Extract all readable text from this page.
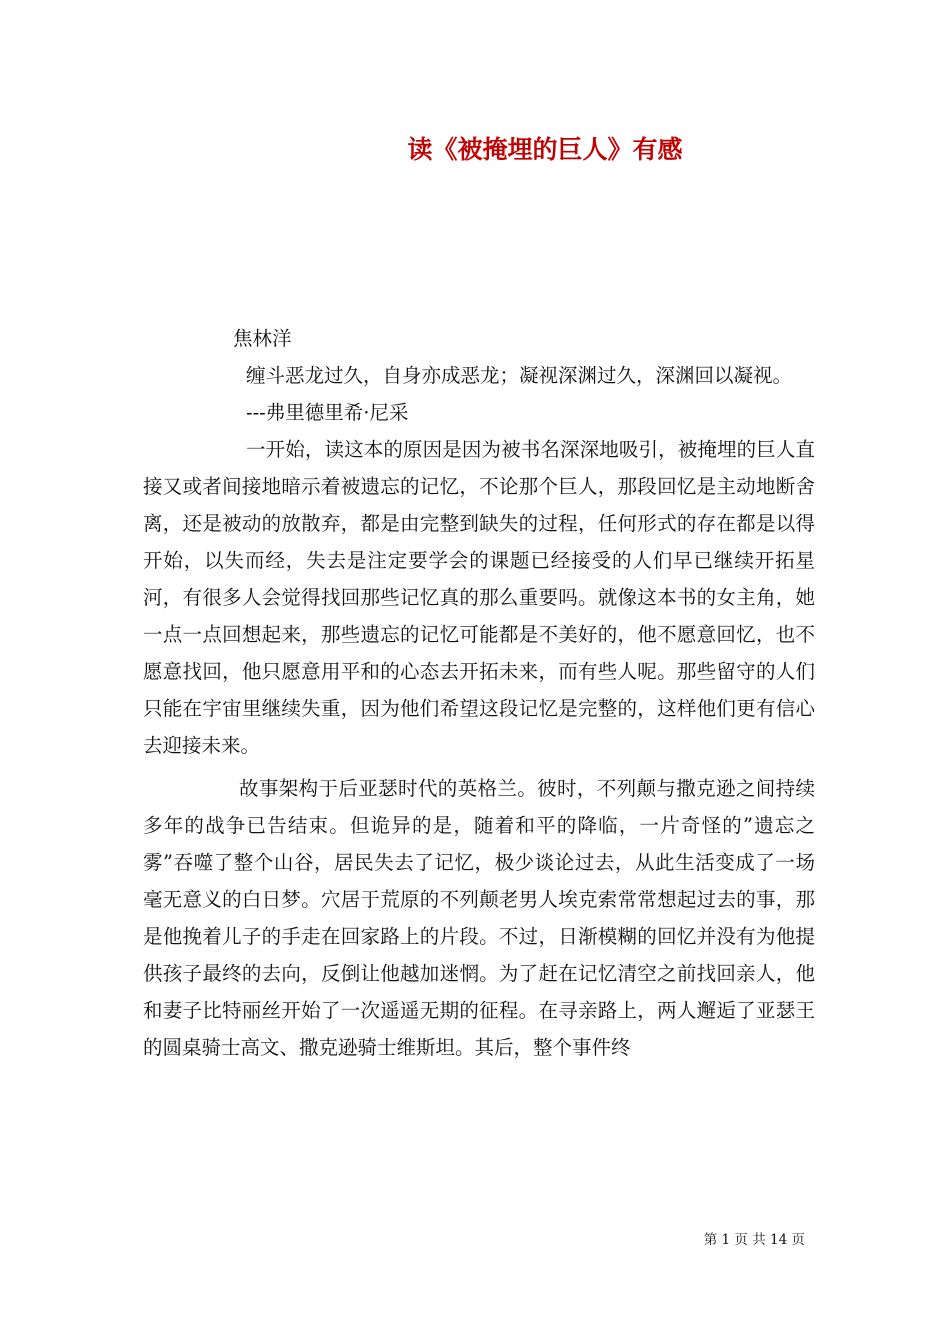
读《被掩埋的巨人》有感

焦林洋

缠斗恶龙过久，自身亦成恶龙；凝视深渊过久，深渊回以凝视。

---弗里德里希·尼采

一开始，读这本的原因是因为被书名深深地吸引，被掩埋的巨人直接又或者间接地暗示着被遗忘的记忆，不论那个巨人，那段回忆是主动地断舍离，还是被动的放散弃，都是由完整到缺失的过程，任何形式的存在都是以得开始，以失而经，失去是注定要学会的课题已经接受的人们早已继续开拓星河，有很多人会觉得找回那些记忆真的那么重要吗。就像这本书的女主角，她一点一点回想起来，那些遗忘的记忆可能都是不美好的，他不愿意回忆，也不愿意找回，他只愿意用平和的心态去开拓未来，而有些人呢。那些留守的人们只能在宇宙里继续失重，因为他们希望这段记忆是完整的，这样他们更有信心去迎接未来。

故事架构于后亚瑟时代的英格兰。彼时，不列颠与撒克逊之间持续多年的战争已告结束。但诡异的是，随着和平的降临，一片奇怪的”遗忘之雾”吞噬了整个山谷，居民失去了记忆，极少谈论过去，从此生活变成了一场毫无意义的白日梦。穴居于荒原的不列颠老男人埃克索常常想起过去的事，那是他挽着儿子的手走在回家路上的片段。不过，日渐模糊的回忆并没有为他提供孩子最终的去向，反倒让他越加迷惘。为了赶在记忆清空之前找回亲人，他和妻子比特丽丝开始了一次遥遥无期的征程。在寻亲路上，两人邂逅了亚瑟王的圆桌骑士高文、撒克逊骑士维斯坦。其后，整个事件终

第 1 页 共 14 页
